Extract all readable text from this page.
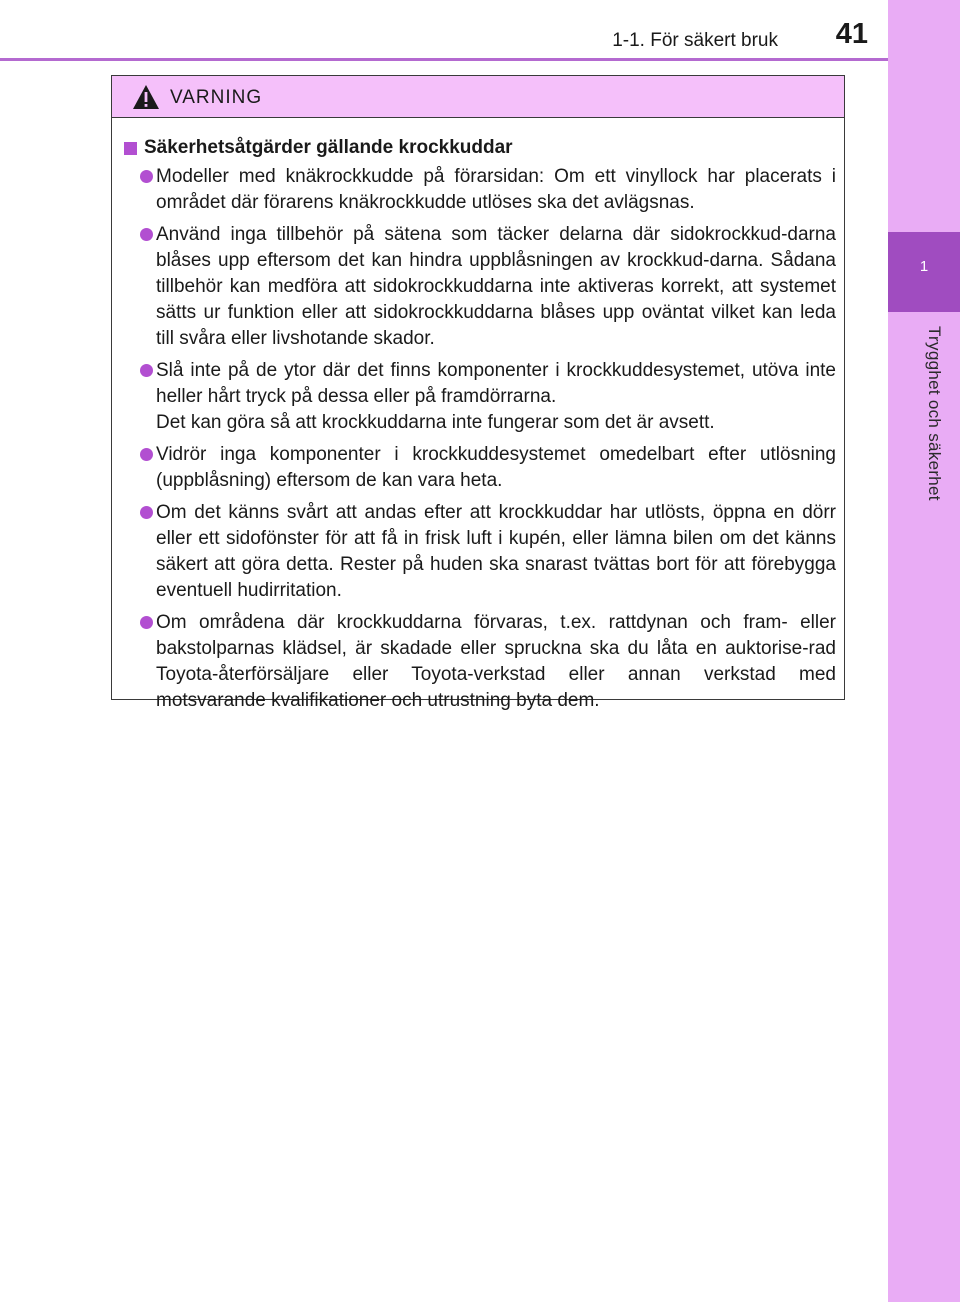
1-1. För säkert bruk 41
1
Trygghet och säkerhet
VARNING
Säkerhetsåtgärder gällande krockkuddar
Modeller med knäkrockkudde på förarsidan: Om ett vinyllock har placerats i området där förarens knäkrockkudde utlöses ska det avlägsnas.
Använd inga tillbehör på sätena som täcker delarna där sidokrockkud-darna blåses upp eftersom det kan hindra uppblåsningen av krockkud-darna. Sådana tillbehör kan medföra att sidokrockkuddarna inte aktiveras korrekt, att systemet sätts ur funktion eller att sidokrockkuddarna blåses upp oväntat vilket kan leda till svåra eller livshotande skador.
Slå inte på de ytor där det finns komponenter i krockkuddesystemet, utöva inte heller hårt tryck på dessa eller på framdörrarna.
Det kan göra så att krockkuddarna inte fungerar som det är avsett.
Vidrör inga komponenter i krockkuddesystemet omedelbart efter utlösning (uppblåsning) eftersom de kan vara heta.
Om det känns svårt att andas efter att krockkuddar har utlösts, öppna en dörr eller ett sidofönster för att få in frisk luft i kupén, eller lämna bilen om det känns säkert att göra detta. Rester på huden ska snarast tvättas bort för att förebygga eventuell hudirritation.
Om områdena där krockkuddarna förvaras, t.ex. rattdynan och fram- eller bakstolparnas klädsel, är skadade eller spruckna ska du låta en auktorise-rad Toyota-återförsäljare eller Toyota-verkstad eller annan verkstad med motsvarande kvalifikationer och utrustning byta dem.
